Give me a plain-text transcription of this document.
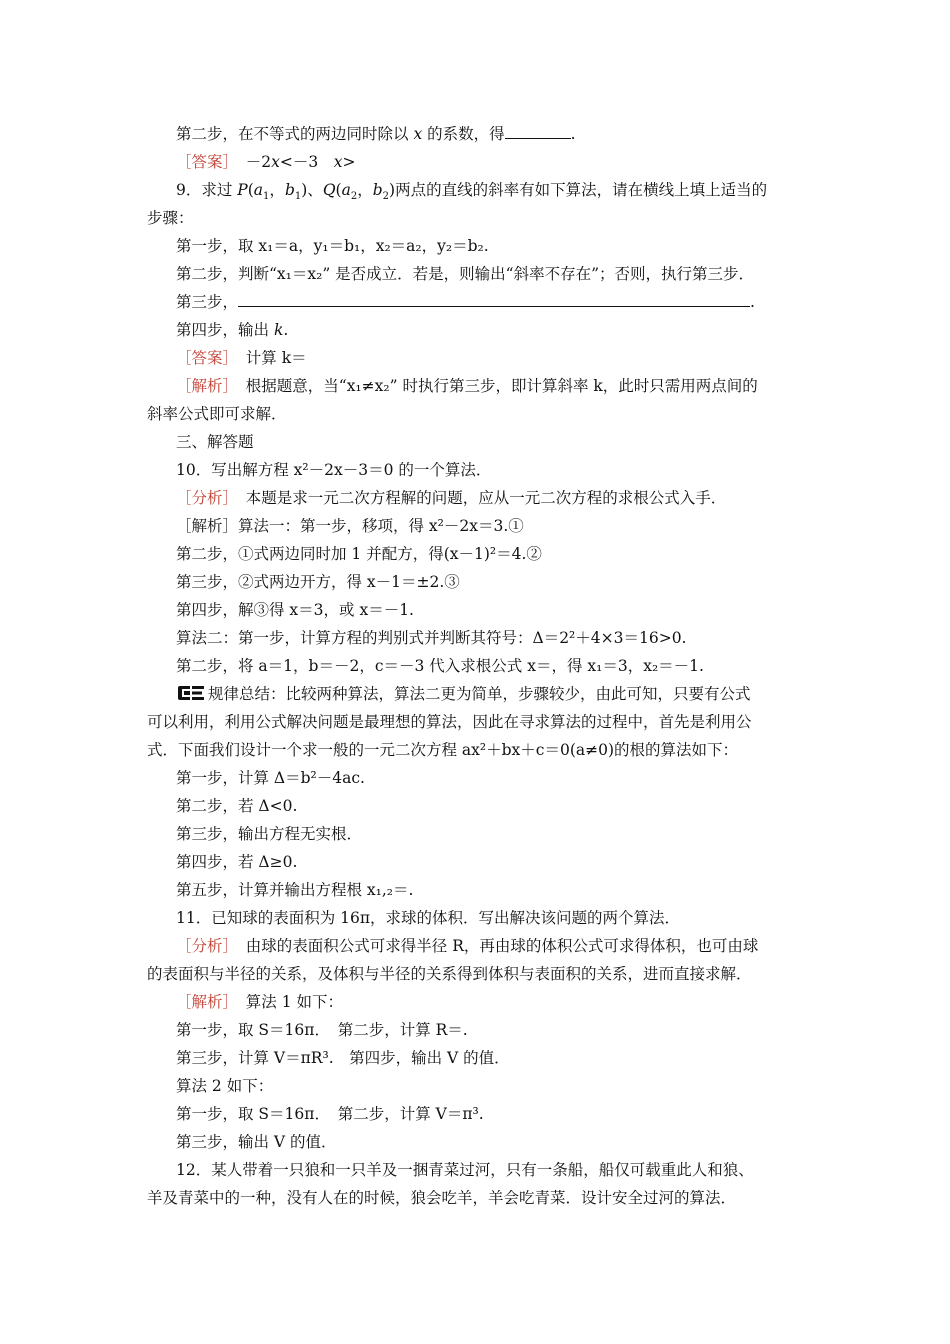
第二步，在不等式的两边同时除以 x 的系数，得	.
［答案］　－2x<－3　x>
9．求过 $P(a_1$，$b_1$)、$Q(a_2$，$b_2$)两点的直线的斜率有如下算法，请在横线上填上适当的
步骤：
第一步，取 x₁＝a，y₁＝b₁，x₂＝a₂，y₂＝b₂.
第二步，判断“x₁＝x₂” 是否成立．若是，则输出“斜率不存在”；否则，执行第三步．
第三步，	.
第四步，输出 k.
［答案］　计算 k＝
［解析］　根据题意，当“x₁≠x₂” 时执行第三步，即计算斜率 k，此时只需用两点间的
斜率公式即可求解．
三、解答题
10．写出解方程 x²－2x－3＝0 的一个算法．
［分析］　本题是求一元二次方程解的问题，应从一元二次方程的求根公式入手．
［解析］算法一：第一步，移项，得 x²－2x＝3.①
第二步，①式两边同时加 1 并配方，得(x－1)²＝4.②
第三步，②式两边开方，得 x－1＝±2.③
第四步，解③得 x＝3，或 x＝－1.
算法二：第一步，计算方程的判别式并判断其符号：Δ＝2²＋4×3＝16>0.
第二步，将 a＝1，b＝－2，c＝－3 代入求根公式 x＝，得 x₁＝3，x₂＝－1.
规律总结：比较两种算法，算法二更为简单，步骤较少，由此可知，只要有公式
可以利用，利用公式解决问题是最理想的算法，因此在寻求算法的过程中，首先是利用公
式．下面我们设计一个求一般的一元二次方程 ax²＋bx＋c＝0(a≠0)的根的算法如下：
第一步，计算 Δ＝b²－4ac.
第二步，若 Δ<0.
第三步，输出方程无实根．
第四步，若 Δ≥0.
第五步，计算并输出方程根 x₁,₂＝.
11．已知球的表面积为 16π，求球的体积．写出解决该问题的两个算法．
［分析］　由球的表面积公式可求得半径 R，再由球的体积公式可求得体积，也可由球
的表面积与半径的关系，及体积与半径的关系得到体积与表面积的关系，进而直接求解．
［解析］　算法 1 如下：
第一步，取 S＝16π．　第二步，计算 R＝.
第三步，计算 V＝πR³.　第四步，输出 V 的值．
算法 2 如下：
第一步，取 S＝16π．　第二步，计算 V＝π³.
第三步，输出 V 的值．
12．某人带着一只狼和一只羊及一捆青菜过河，只有一条船，船仅可载重此人和狼、
羊及青菜中的一种，没有人在的时候，狼会吃羊，羊会吃青菜．设计安全过河的算法．
